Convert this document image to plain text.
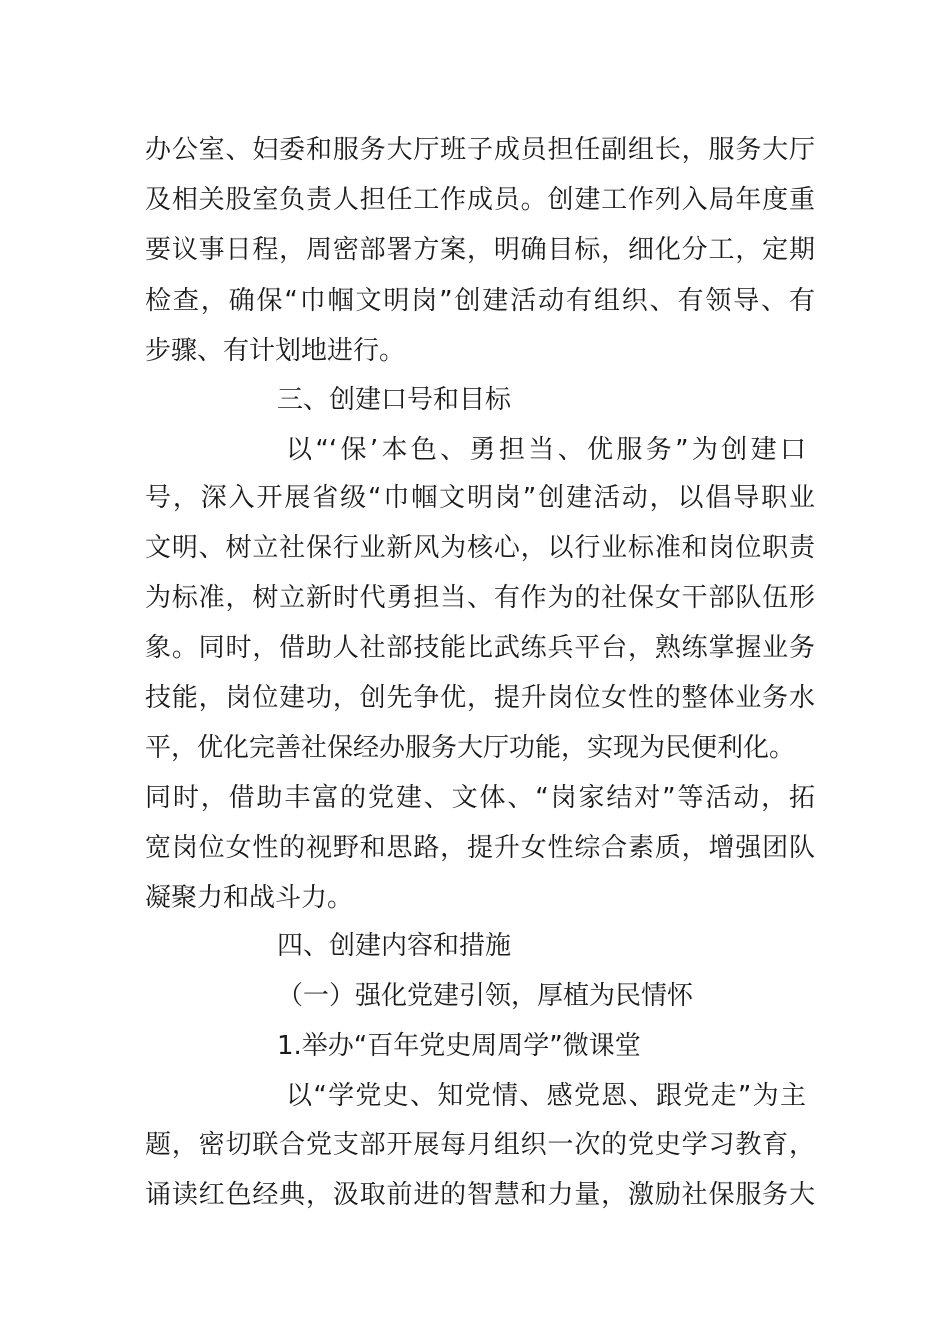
办公室、妇委和服务大厅班子成员担任副组长，服务大厅
及相关股室负责人担任工作成员。创建工作列入局年度重
要议事日程，周密部署方案，明确目标，细化分工，定期
检查，确保“巾帼文明岗”创建活动有组织、有领导、有
步骤、有计划地进行。
三、创建口号和目标
以“‘保’本色、勇担当、优服务”为创建口
号，深入开展省级“巾帼文明岗”创建活动，以倡导职业
文明、树立社保行业新风为核心，以行业标准和岗位职责
为标准，树立新时代勇担当、有作为的社保女干部队伍形
象。同时，借助人社部技能比武练兵平台，熟练掌握业务
技能，岗位建功，创先争优，提升岗位女性的整体业务水
平，优化完善社保经办服务大厅功能，实现为民便利化。
同时，借助丰富的党建、文体、“岗家结对”等活动，拓
宽岗位女性的视野和思路，提升女性综合素质，增强团队
凝聚力和战斗力。
四、创建内容和措施
（一）强化党建引领，厚植为民情怀
1.举办“百年党史周周学”微课堂
以“学党史、知党情、感党恩、跟党走”为主
题，密切联合党支部开展每月组织一次的党史学习教育，
诵读红色经典，汲取前进的智慧和力量，激励社保服务大
